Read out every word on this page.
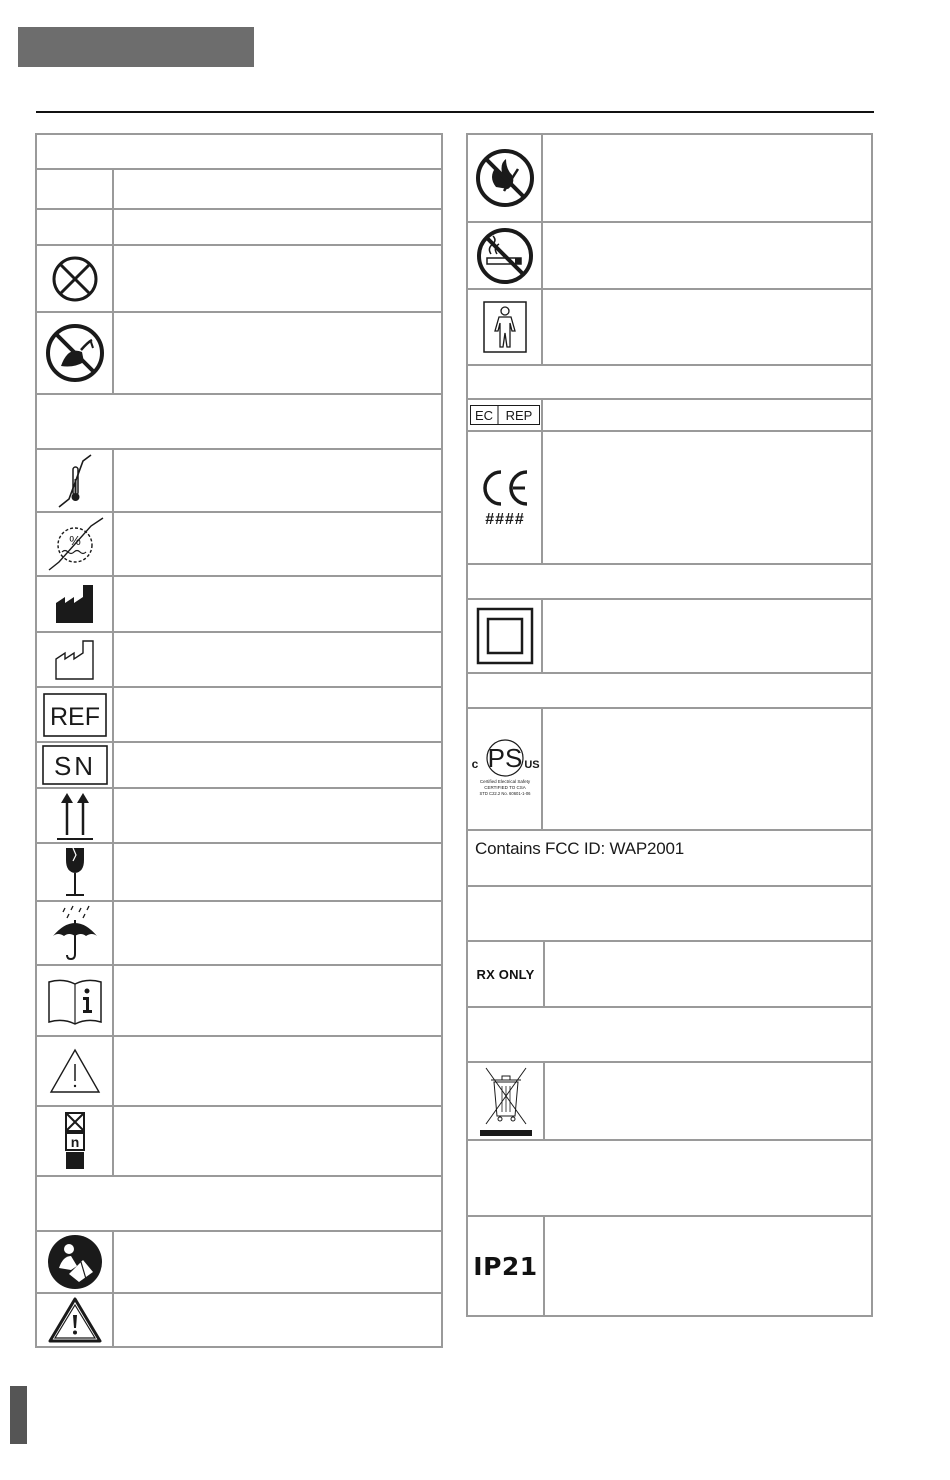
%
REF
SN
n
EC REP
####
PS
c	US
Certified Electrical Safety
CERTIFIED TO CSA
STD C22.2 No. 60601-1-06
Contains FCC ID: WAP2001
RX ONLY
IP21
